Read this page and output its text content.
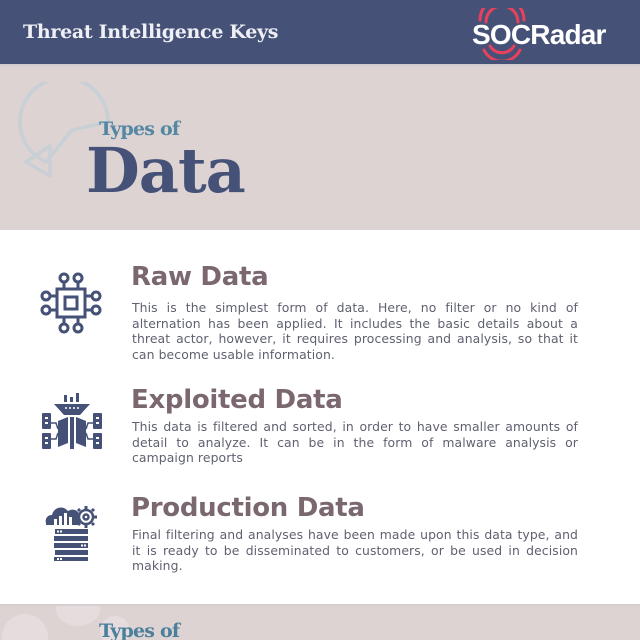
Threat Intelligence Keys	SOCRadar
Types of
Data
Raw Data
This is the simplest form of data. Here, no filter or no kind of alternation has been applied. It includes the basic details about a threat actor, however, it requires processing and analysis, so that it can become usable information.
Exploited Data
This data is filtered and sorted, in order to have smaller amounts of detail to analyze. It can be in the form of malware analysis or campaign reports
Production Data
Final filtering and analyses have been made upon this data type, and it is ready to be disseminated to customers, or be used in decision making.
Types of
